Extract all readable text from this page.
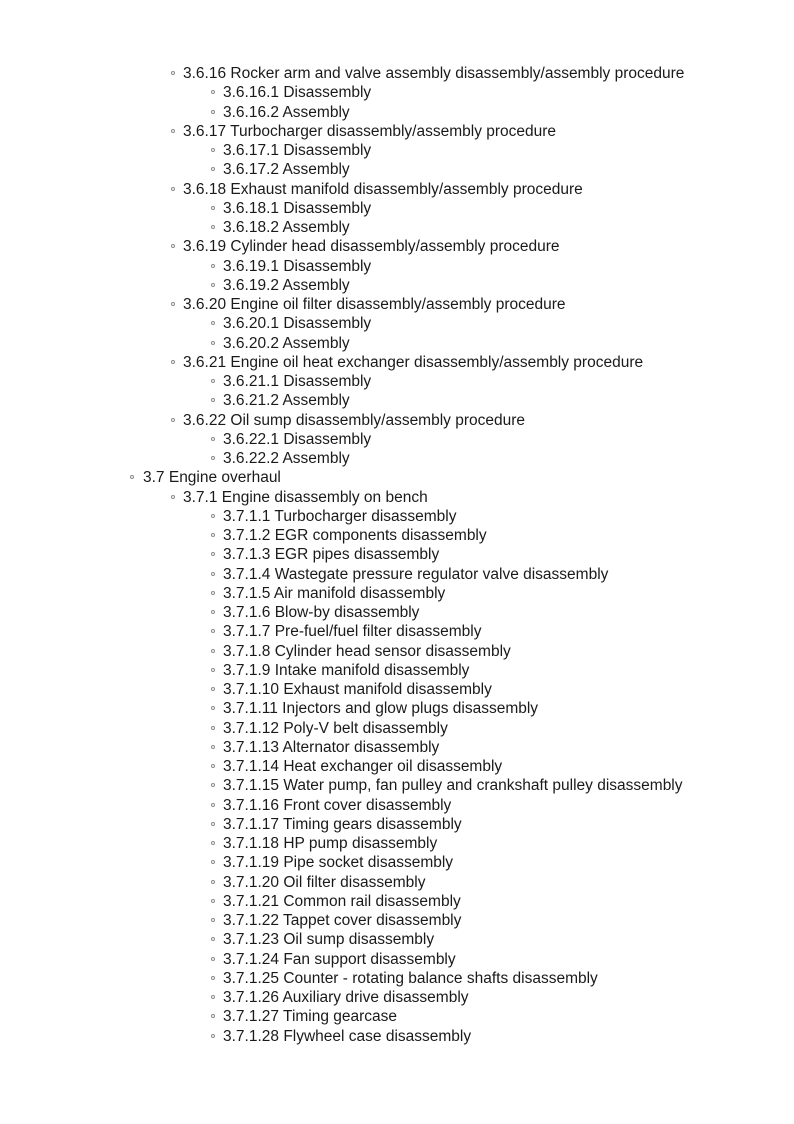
3.6.16 Rocker arm and valve assembly disassembly/assembly procedure
3.6.16.1 Disassembly
3.6.16.2 Assembly
3.6.17 Turbocharger disassembly/assembly procedure
3.6.17.1 Disassembly
3.6.17.2 Assembly
3.6.18 Exhaust manifold disassembly/assembly procedure
3.6.18.1 Disassembly
3.6.18.2 Assembly
3.6.19 Cylinder head disassembly/assembly procedure
3.6.19.1 Disassembly
3.6.19.2 Assembly
3.6.20 Engine oil filter disassembly/assembly procedure
3.6.20.1 Disassembly
3.6.20.2 Assembly
3.6.21 Engine oil heat exchanger disassembly/assembly procedure
3.6.21.1 Disassembly
3.6.21.2 Assembly
3.6.22 Oil sump disassembly/assembly procedure
3.6.22.1 Disassembly
3.6.22.2 Assembly
3.7 Engine overhaul
3.7.1 Engine disassembly on bench
3.7.1.1 Turbocharger disassembly
3.7.1.2 EGR components disassembly
3.7.1.3 EGR pipes disassembly
3.7.1.4 Wastegate pressure regulator valve disassembly
3.7.1.5 Air manifold disassembly
3.7.1.6 Blow-by disassembly
3.7.1.7 Pre-fuel/fuel filter disassembly
3.7.1.8 Cylinder head sensor disassembly
3.7.1.9 Intake manifold disassembly
3.7.1.10 Exhaust manifold disassembly
3.7.1.11 Injectors and glow plugs disassembly
3.7.1.12 Poly-V belt disassembly
3.7.1.13 Alternator disassembly
3.7.1.14 Heat exchanger oil disassembly
3.7.1.15 Water pump, fan pulley and crankshaft pulley disassembly
3.7.1.16 Front cover disassembly
3.7.1.17 Timing gears disassembly
3.7.1.18 HP pump disassembly
3.7.1.19 Pipe socket disassembly
3.7.1.20 Oil filter disassembly
3.7.1.21 Common rail disassembly
3.7.1.22 Tappet cover disassembly
3.7.1.23 Oil sump disassembly
3.7.1.24 Fan support disassembly
3.7.1.25 Counter - rotating balance shafts disassembly
3.7.1.26 Auxiliary drive disassembly
3.7.1.27 Timing gearcase
3.7.1.28 Flywheel case disassembly
